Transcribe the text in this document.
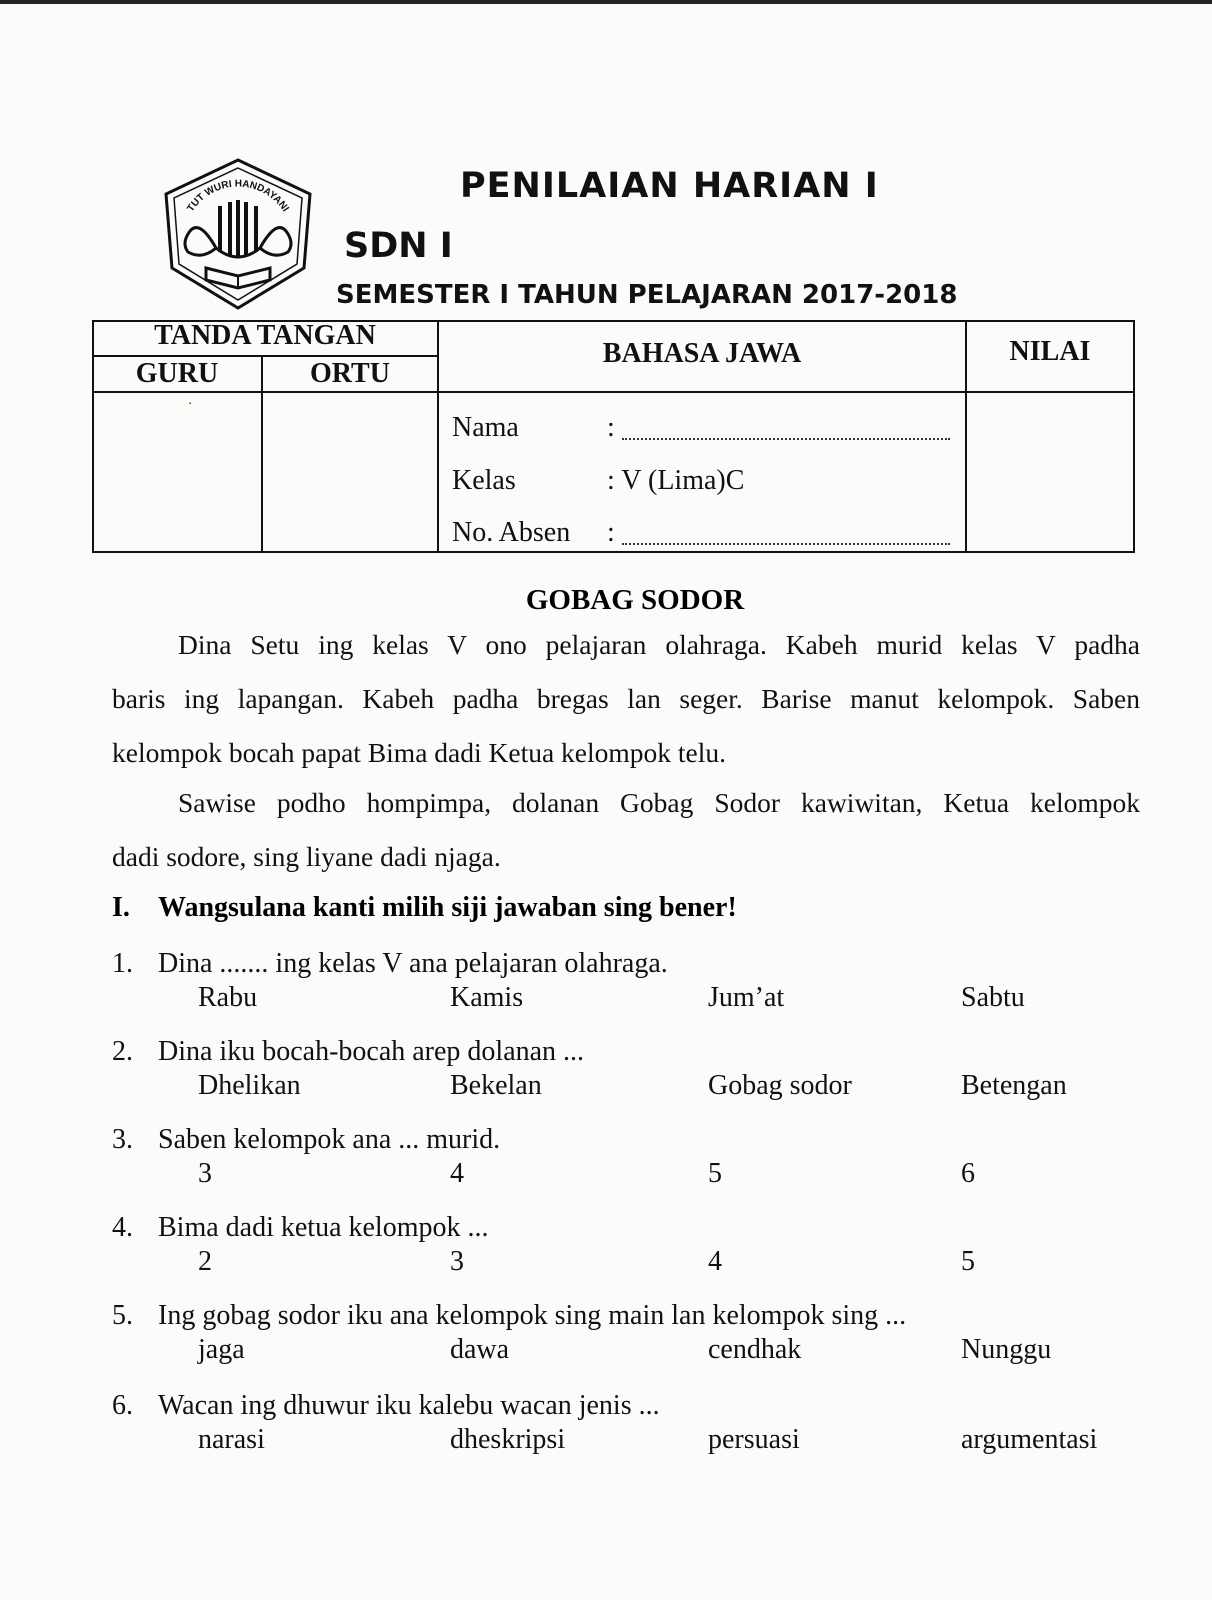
TUT WURI HANDAYANI
PENILAIAN HARIAN I
SDN I
SEMESTER I TAHUN PELAJARAN 2017-2018
TANDA TANGAN
GURU	ORTU
BAHASA JAWA	NILAI
Nama	:
Kelas	: V (Lima)C
No. Absen :
˙
GOBAG SODOR
Dina Setu ing kelas V ono pelajaran olahraga. Kabeh murid kelas V padha
baris ing lapangan. Kabeh padha bregas lan seger. Barise manut kelompok. Saben
kelompok bocah papat Bima dadi Ketua kelompok telu.
Sawise podho hompimpa, dolanan Gobag Sodor kawiwitan, Ketua kelompok
dadi sodore, sing liyane dadi njaga.
I. Wangsulana kanti milih siji jawaban sing bener!
1. Dina ....... ing kelas V ana pelajaran olahraga.
Rabu	Kamis	Jum’at	Sabtu
2. Dina iku bocah-bocah arep dolanan ...
Dhelikan	Bekelan	Gobag sodor	Betengan
3. Saben kelompok ana ... murid.
3	4	5	6
4. Bima dadi ketua kelompok ...
2	3	4	5
5. Ing gobag sodor iku ana kelompok sing main lan kelompok sing ...
jaga	dawa	cendhak	Nunggu
6. Wacan ing dhuwur iku kalebu wacan jenis ...
narasi	dheskripsi	persuasi	argumentasi
